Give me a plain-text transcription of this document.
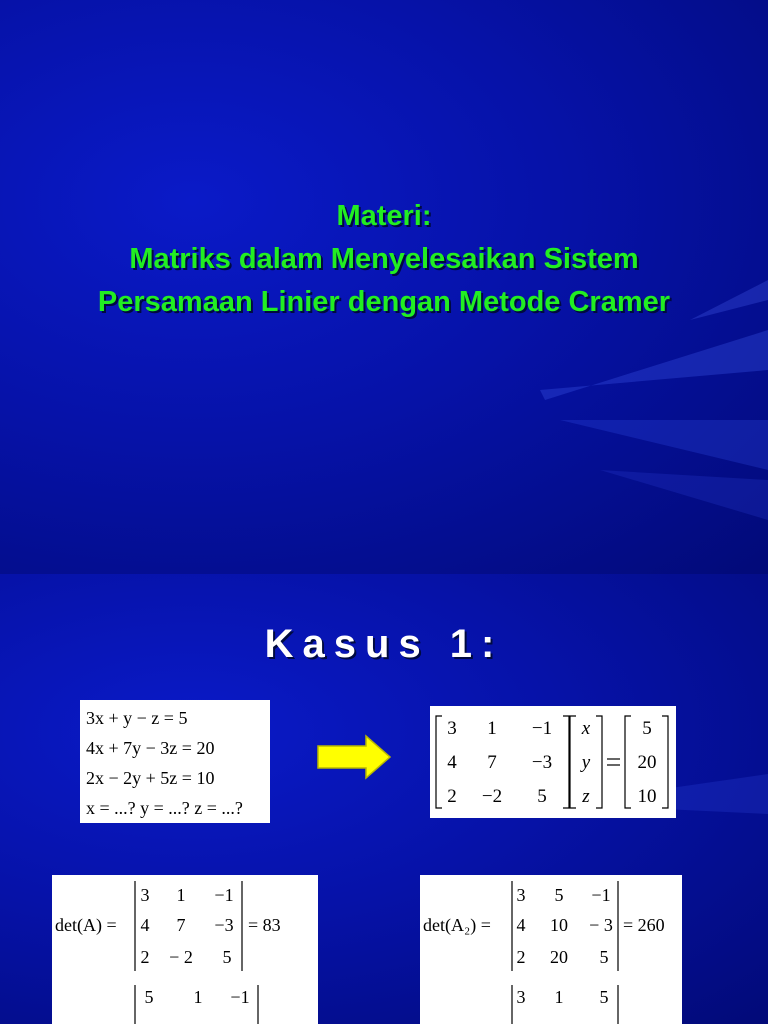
Materi:
Matriks dalam Menyelesaikan Sistem
Persamaan Linier dengan Metode Cramer
Kasus 1:
3x + y − z = 5
4x + 7y − 3z = 20
2x − 2y + 5z = 10
x = ...? y = ...? z = ...?
3 1 −1
4 7 −3
2 −2 5
x
y
z
5
20
10
det(A) =
3 1 −1
4 7 −3
2 − 2 5
= 83
5 1 −1
det(A₂) =
3 5 −1
4 10 − 3
2 20 5
= 260
3 1 5
